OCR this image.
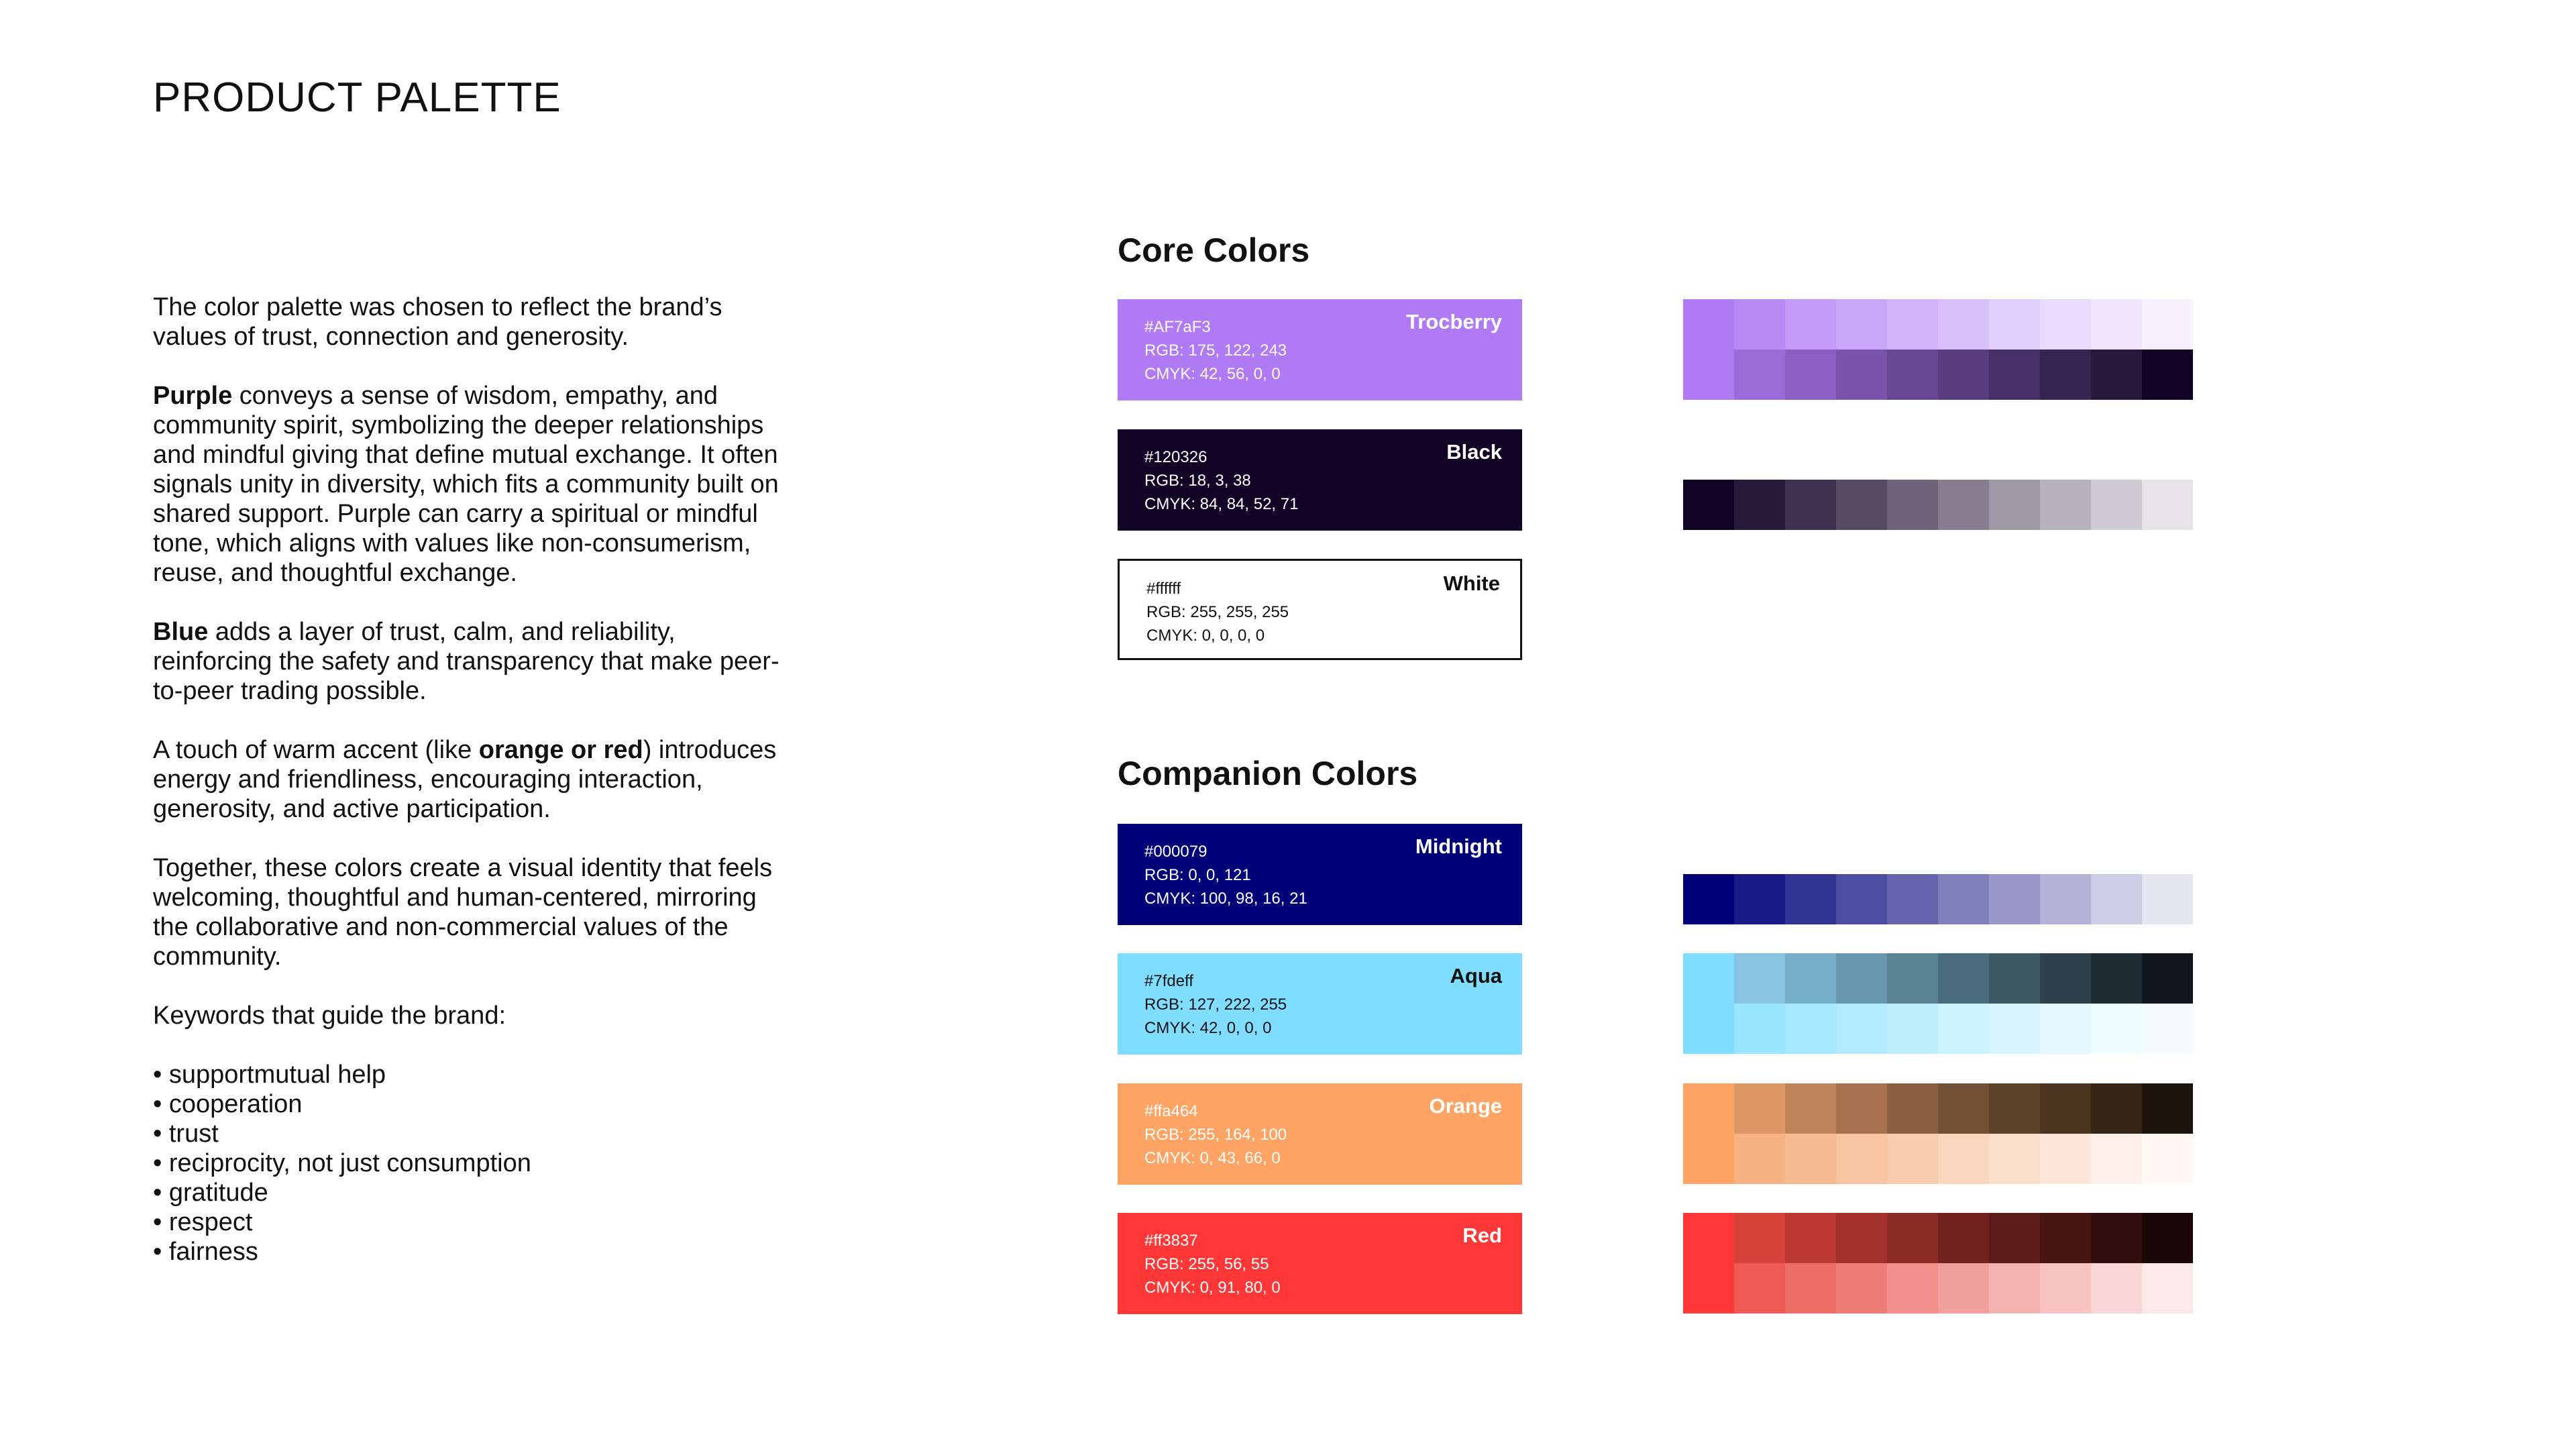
PRODUCT PALETTE

The color palette was chosen to reflect the brand’s values of trust, connection and generosity.

Purple conveys a sense of wisdom, empathy, and community spirit, symbolizing the deeper relationships and mindful giving that define mutual exchange. It often signals unity in diversity, which fits a community built on shared support. Purple can carry a spiritual or mindful tone, which aligns with values like non-consumerism, reuse, and thoughtful exchange.

Blue adds a layer of trust, calm, and reliability, reinforcing the safety and transparency that make peer-to-peer trading possible.

A touch of warm accent (like orange or red) introduces energy and friendliness, encouraging interaction, generosity, and active participation.

Together, these colors create a visual identity that feels welcoming, thoughtful and human-centered, mirroring the collaborative and non-commercial values of the community.

Keywords that guide the brand:

• supportmutual help
• cooperation
• trust
• reciprocity, not just consumption
• gratitude
• respect
• fairness
Core Colors
Trocberry
#AF7aF3
RGB: 175, 122, 243
CMYK: 42, 56, 0, 0
Black
#120326
RGB: 18, 3, 38
CMYK: 84, 84, 52, 71
White
#ffffff
RGB: 255, 255, 255
CMYK: 0, 0, 0, 0
Companion Colors
Midnight
#000079
RGB: 0, 0, 121
CMYK: 100, 98, 16, 21
Aqua
#7fdeff
RGB: 127, 222, 255
CMYK: 42, 0, 0, 0
Orange
#ffa464
RGB: 255, 164, 100
CMYK: 0, 43, 66, 0
Red
#ff3837
RGB: 255, 56, 55
CMYK: 0, 91, 80, 0
